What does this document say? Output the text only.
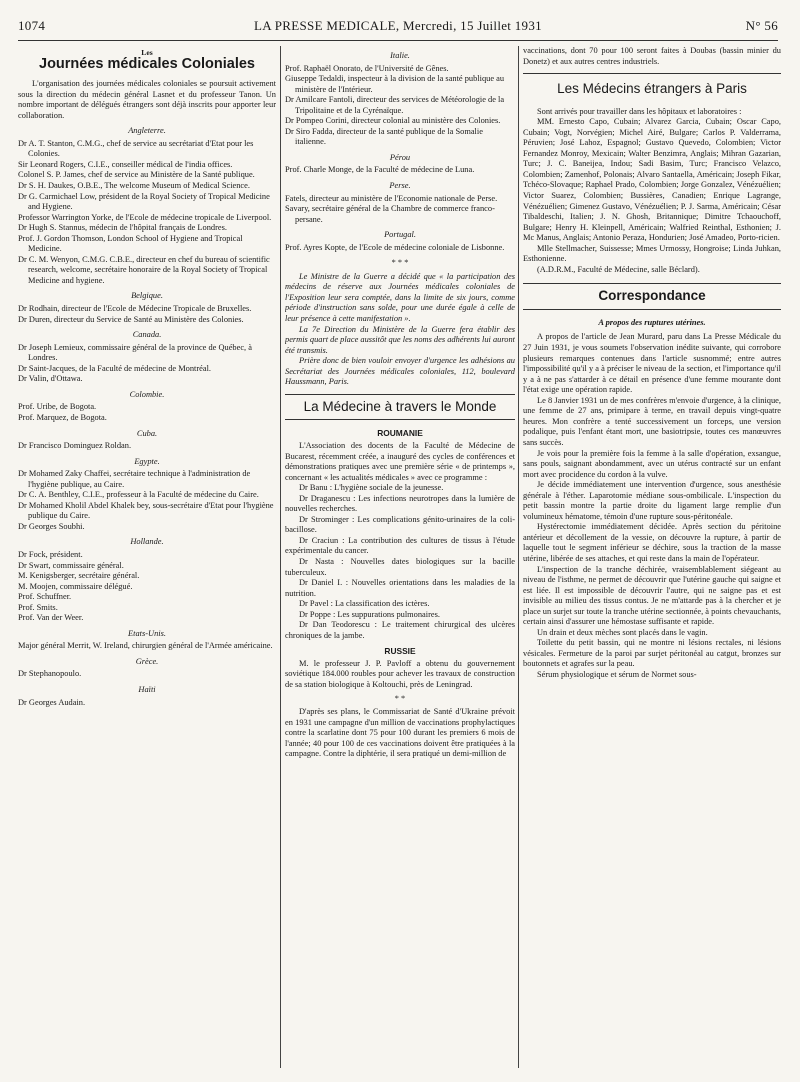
1074	LA PRESSE MEDICALE, Mercredi, 15 Juillet 1931	N° 56

Les

Journées médicales Coloniales

L'organisation des journées médicales coloniales se poursuit activement sous la direction du médecin général Lasnet et du professeur Tanon. Un nombre important de délégués étrangers sont déjà inscrits pour apporter leur collaboration.

Angleterre.

Dr A. T. Stanton, C.M.G., chef de service au secrétariat d'Etat pour les Colonies.

Sir Leonard Rogers, C.I.E., conseiller médical de l'india offices.

Colonel S. P. James, chef de service au Ministère de la Santé publique.

Dr S. H. Daukes, O.B.E., The welcome Museum of Medical Science.

Dr G. Carmichael Low, président de la Royal Society of Tropical Medicine and Hygiene.

Professor Warrington Yorke, de l'Ecole de médecine tropicale de Liverpool.

Dr Hugh S. Stannus, médecin de l'hôpital français de Londres.

Prof. J. Gordon Thomson, London School of Hygiene and Tropical Medicine.

Dr C. M. Wenyon, C.M.G. C.B.E., directeur en chef du bureau of scientific research, welcome, secrétaire honoraire de la Royal Society of Tropical Medicine and hygiene.

Belgique.

Dr Rodhain, directeur de l'Ecole de Médecine Tropicale de Bruxelles.

Dr Duren, directeur du Service de Santé au Ministère des Colonies.

Canada.

Dr Joseph Lemieux, commissaire général de la province de Québec, à Londres.

Dr Saint-Jacques, de la Faculté de médecine de Montréal.

Dr Valin, d'Ottawa.

Colombie.

Prof. Uribe, de Bogota.

Prof. Marquez, de Bogota.

Cuba.

Dr Francisco Dominguez Roldan.

Egypte.

Dr Mohamed Zaky Chaffei, secrétaire technique à l'administration de l'hygiène publique, au Caire.

Dr C. A. Benthley, C.I.E., professeur à la Faculté de médecine du Caire.

Dr Mohamed Kholil Abdel Khalek bey, sous-secrétaire d'Etat pour l'hygiène publique du Caire.

Dr Georges Soubhi.

Hollande.

Dr Fock, président.

Dr Swart, commissaire général.

M. Kenigsberger, secrétaire général.

M. Moojen, commissaire délégué.

Prof. Schuffner.

Prof. Smits.

Prof. Van der Weer.

Etats-Unis.

Major général Merrit, W. Ireland, chirurgien général de l'Armée américaine.

Grèce.

Dr Stephanopoulo.

Haïti

Dr Georges Audain.

Italie.

Prof. Raphaël Onorato, de l'Université de Gênes.

Giuseppe Tedaldi, inspecteur à la division de la santé publique au ministère de l'Intérieur.

Dr Amilcare Fantoli, directeur des services de Météorologie de la Tripolitaine et de la Cyrénaïque.

Dr Pompeo Corini, directeur colonial au ministère des Colonies.

Dr Siro Fadda, directeur de la santé publique de la Somalie italienne.

Pérou

Prof. Charle Monge, de la Faculté de médecine de Luna.

Perse.

Fatels, directeur au ministère de l'Economie nationale de Perse.

Savary, secrétaire général de la Chambre de commerce franco-persane.

Portugal.

Prof. Ayres Kopte, de l'Ecole de médecine coloniale de Lisbonne.

* * *

Le Ministre de la Guerre a décidé que « la participation des médecins de réserve aux Journées médicales coloniales de l'Exposition leur sera comptée, dans la limite de six jours, comme période d'instruction sans solde, pour une durée égale à celle de leur présence à cette manifestation ».

La 7e Direction du Ministère de la Guerre fera établir des permis quart de place aussitôt que les noms des adhérents lui auront été transmis.

Prière donc de bien vouloir envoyer d'urgence les adhésions au Secrétariat des Journées médicales coloniales, 112, boulevard Haussmann, Paris.

La Médecine à travers le Monde

ROUMANIE

L'Association des docents de la Faculté de Médecine de Bucarest, récemment créée, a inauguré des cycles de conférences et démonstrations pratiques avec une première série « de printemps », concernant « les actualités médicales » avec ce programme :

Dr Banu : L'hygiène sociale de la jeunesse.

Dr Draganescu : Les infections neurotropes dans la lumière de nouvelles recherches.

Dr Strominger : Les complications génito-urinaires de la coli-bacillose.

Dr Craciun : La contribution des cultures de tissus à l'étude expérimentale du cancer.

Dr Nasta : Nouvelles dates biologiques sur la bacille tuberculeux.

Dr Daniel I. : Nouvelles orientations dans les maladies de la nutrition.

Dr Pavel : La classification des ictères.

Dr Poppe : Les suppurations pulmonaires.

Dr Dan Teodorescu : Le traitement chirurgical des ulcères chroniques de la jambe.

RUSSIE

M. le professeur J. P. Pavloff a obtenu du gouvernement soviétique 184.000 roubles pour achever les travaux de construction de sa station biologique à Koltouchi, près de Leningrad.

* *

D'après ses plans, le Commissariat de Santé d'Ukraine prévoit en 1931 une campagne d'un million de vaccinations prophylactiques contre la scarlatine dont 75 pour 100 durant les premiers 6 mois de l'année; 40 pour 100 de ces vaccinations doivent être pratiquées à la campagne. Contre la diphtérie, il sera pratiqué un demi-million de

vaccinations, dont 70 pour 100 seront faites à Doubas (bassin minier du Donetz) et aux autres centres industriels.

Les Médecins étrangers à Paris

Sont arrivés pour travailler dans les hôpitaux et laboratoires :

MM. Ernesto Capo, Cubain; Alvarez Garcia, Cubain; Oscar Capo, Cubain; Vogt, Norvégien; Michel Airé, Bulgare; Carlos P. Valderrama, Péruvien; José Lahoz, Espagnol; Gustavo Quevedo, Colombien; Victor Fernandez Monroy, Mexicain; Walter Benzimra, Anglais; Mihran Gazarian, Turc; J. C. Baneijea, Indou; Sadi Basim, Turc; Francisco Velazco, Colombien; Zamenhof, Polonais; Alvaro Santaella, Américain; Joseph Fikar, Tchéco-Slovaque; Raphael Prado, Colombien; Jorge Gonzalez, Vénézuélien; Victor Suarez, Colombien; Bussières, Canadien; Enrique Lagrange, Vénézuélien; Gimenez Gustavo, Vénézuélien; P. J. Sarma, Américain; César Tibaldeschi, Italien; J. N. Ghosh, Britannique; Dimitre Tchaouchoff, Bulgare; Henry H. Kleinpell, Américain; Walfried Reinthal, Esthonien; J. Mc Manus, Anglais; Antonio Peraza, Hondurien; José Amadeo, Porto-ricien.

Mlle Stellmacher, Suissesse; Mmes Urmossy, Hongroise; Linda Juhkan, Esthonienne.

(A.D.R.M., Faculté de Médecine, salle Béclard).

Correspondance

A propos des ruptures utérines.

A propos de l'article de Jean Murard, paru dans La Presse Médicale du 27 Juin 1931, je vous soumets l'observation inédite suivante, qui corrobore plusieurs remarques contenues dans l'article susnommé; entre autres l'impossibilité qu'il y a à préciser le niveau de la section, et l'importance qu'il y a à ne pas s'attarder à ce détail en présence d'une femme mourante dont l'état exige une opération rapide.

Le 8 Janvier 1931 un de mes confrères m'envoie d'urgence, à la clinique, une femme de 27 ans, primipare à terme, en travail depuis vingt-quatre heures. Mon confrère a tenté successivement un forceps, une version podalique, puis l'enfant étant mort, une basiotripsie, toutes ces manœuvres sans succès.

Je vois pour la première fois la femme à la salle d'opération, exsangue, sans pouls, saignant abondamment, avec un utérus contracté sur un enfant mort avec procidence du cordon à la vulve.

Je décide immédiatement une intervention d'urgence, sous anesthésie générale à l'éther. Laparotomie médiane sous-ombilicale. L'inspection du petit bassin montre la partie droite du ligament large remplie d'un volumineux hématome, témoin d'une rupture sous-péritonéale.

Hystérectomie immédiatement décidée. Après section du péritoine antérieur et décollement de la vessie, on découvre la rupture, à partir de laquelle tout le segment inférieur se déchire, sous la traction de la masse utérine, libérée de ses attaches, et qui reste dans la main de l'opérateur.

L'inspection de la tranche déchirée, vraisemblablement siégeant au niveau de l'isthme, ne permet de découvrir que l'utérine gauche qui saigne et est liée. Il est impossible de découvrir l'autre, qui ne saigne pas et est invisible au milieu des tissus contus. Je ne m'attarde pas à la chercher et je place un surjet sur toute la tranche utérine sectionnée, à points chevauchants, certain ainsi d'assurer une hémostase suffisante et rapide.

Un drain et deux mèches sont placés dans le vagin.

Toilette du petit bassin, qui ne montre ni lésions rectales, ni lésions vésicales. Fermeture de la paroi par surjet péritonéal au catgut, bronzes sur boutonnets et agrafes sur la peau.

Sérum physiologique et sérum de Normet sous-
